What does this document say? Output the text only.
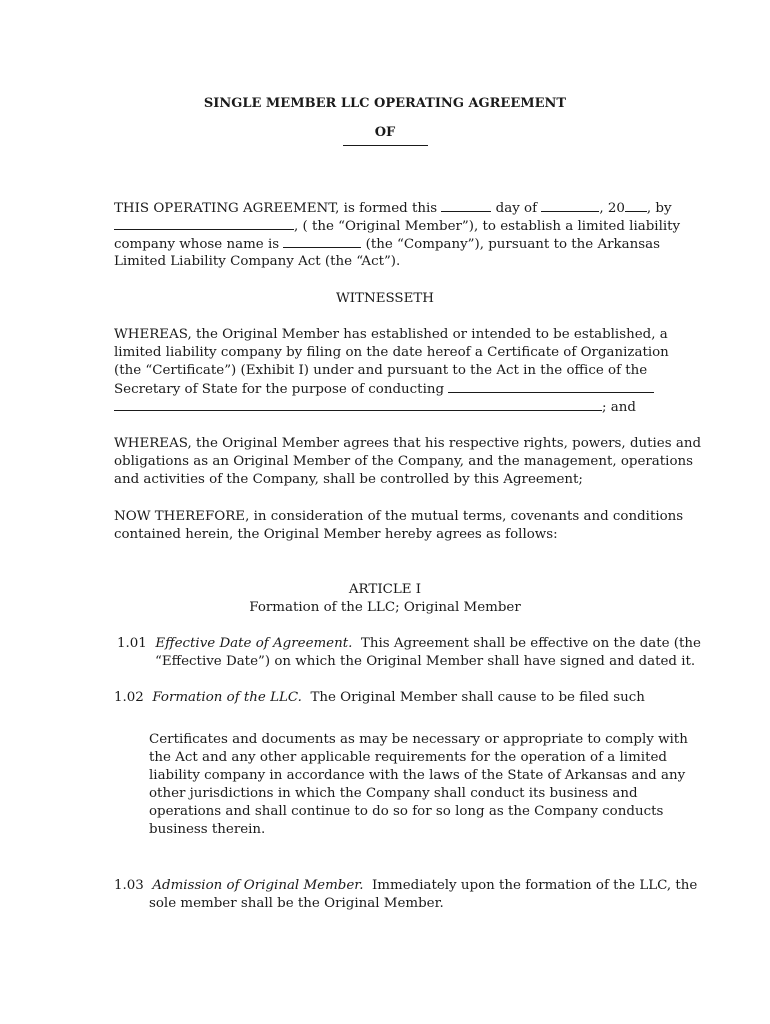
SINGLE MEMBER LLC OPERATING AGREEMENT
OF
THIS OPERATING AGREEMENT, is formed this	day of	, 20 , by
, ( the “Original Member”), to establish a limited liability
company whose name is	(the “Company”), pursuant to the Arkansas
Limited Liability Company Act (the “Act”).
WITNESSETH
WHEREAS, the Original Member has established or intended to be established, a
limited liability company by filing on the date hereof a Certificate of Organization
(the “Certificate”) (Exhibit I) under and pursuant to the Act in the office of the
Secretary of State for the purpose of conducting
; and
WHEREAS, the Original Member agrees that his respective rights, powers, duties and
obligations as an Original Member of the Company, and the management, operations
and activities of the Company, shall be controlled by this Agreement;
NOW THEREFORE, in consideration of the mutual terms, covenants and conditions
contained herein, the Original Member hereby agrees as follows:
ARTICLE I
Formation of the LLC; Original Member
1.01 Effective Date of Agreement. This Agreement shall be effective on the date (the
“Effective Date”) on which the Original Member shall have signed and dated it.
1.02 Formation of the LLC. The Original Member shall cause to be filed such
Certificates and documents as may be necessary or appropriate to comply with
the Act and any other applicable requirements for the operation of a limited
liability company in accordance with the laws of the State of Arkansas and any
other jurisdictions in which the Company shall conduct its business and
operations and shall continue to do so for so long as the Company conducts
business therein.
1.03 Admission of Original Member. Immediately upon the formation of the LLC, the
sole member shall be the Original Member.
